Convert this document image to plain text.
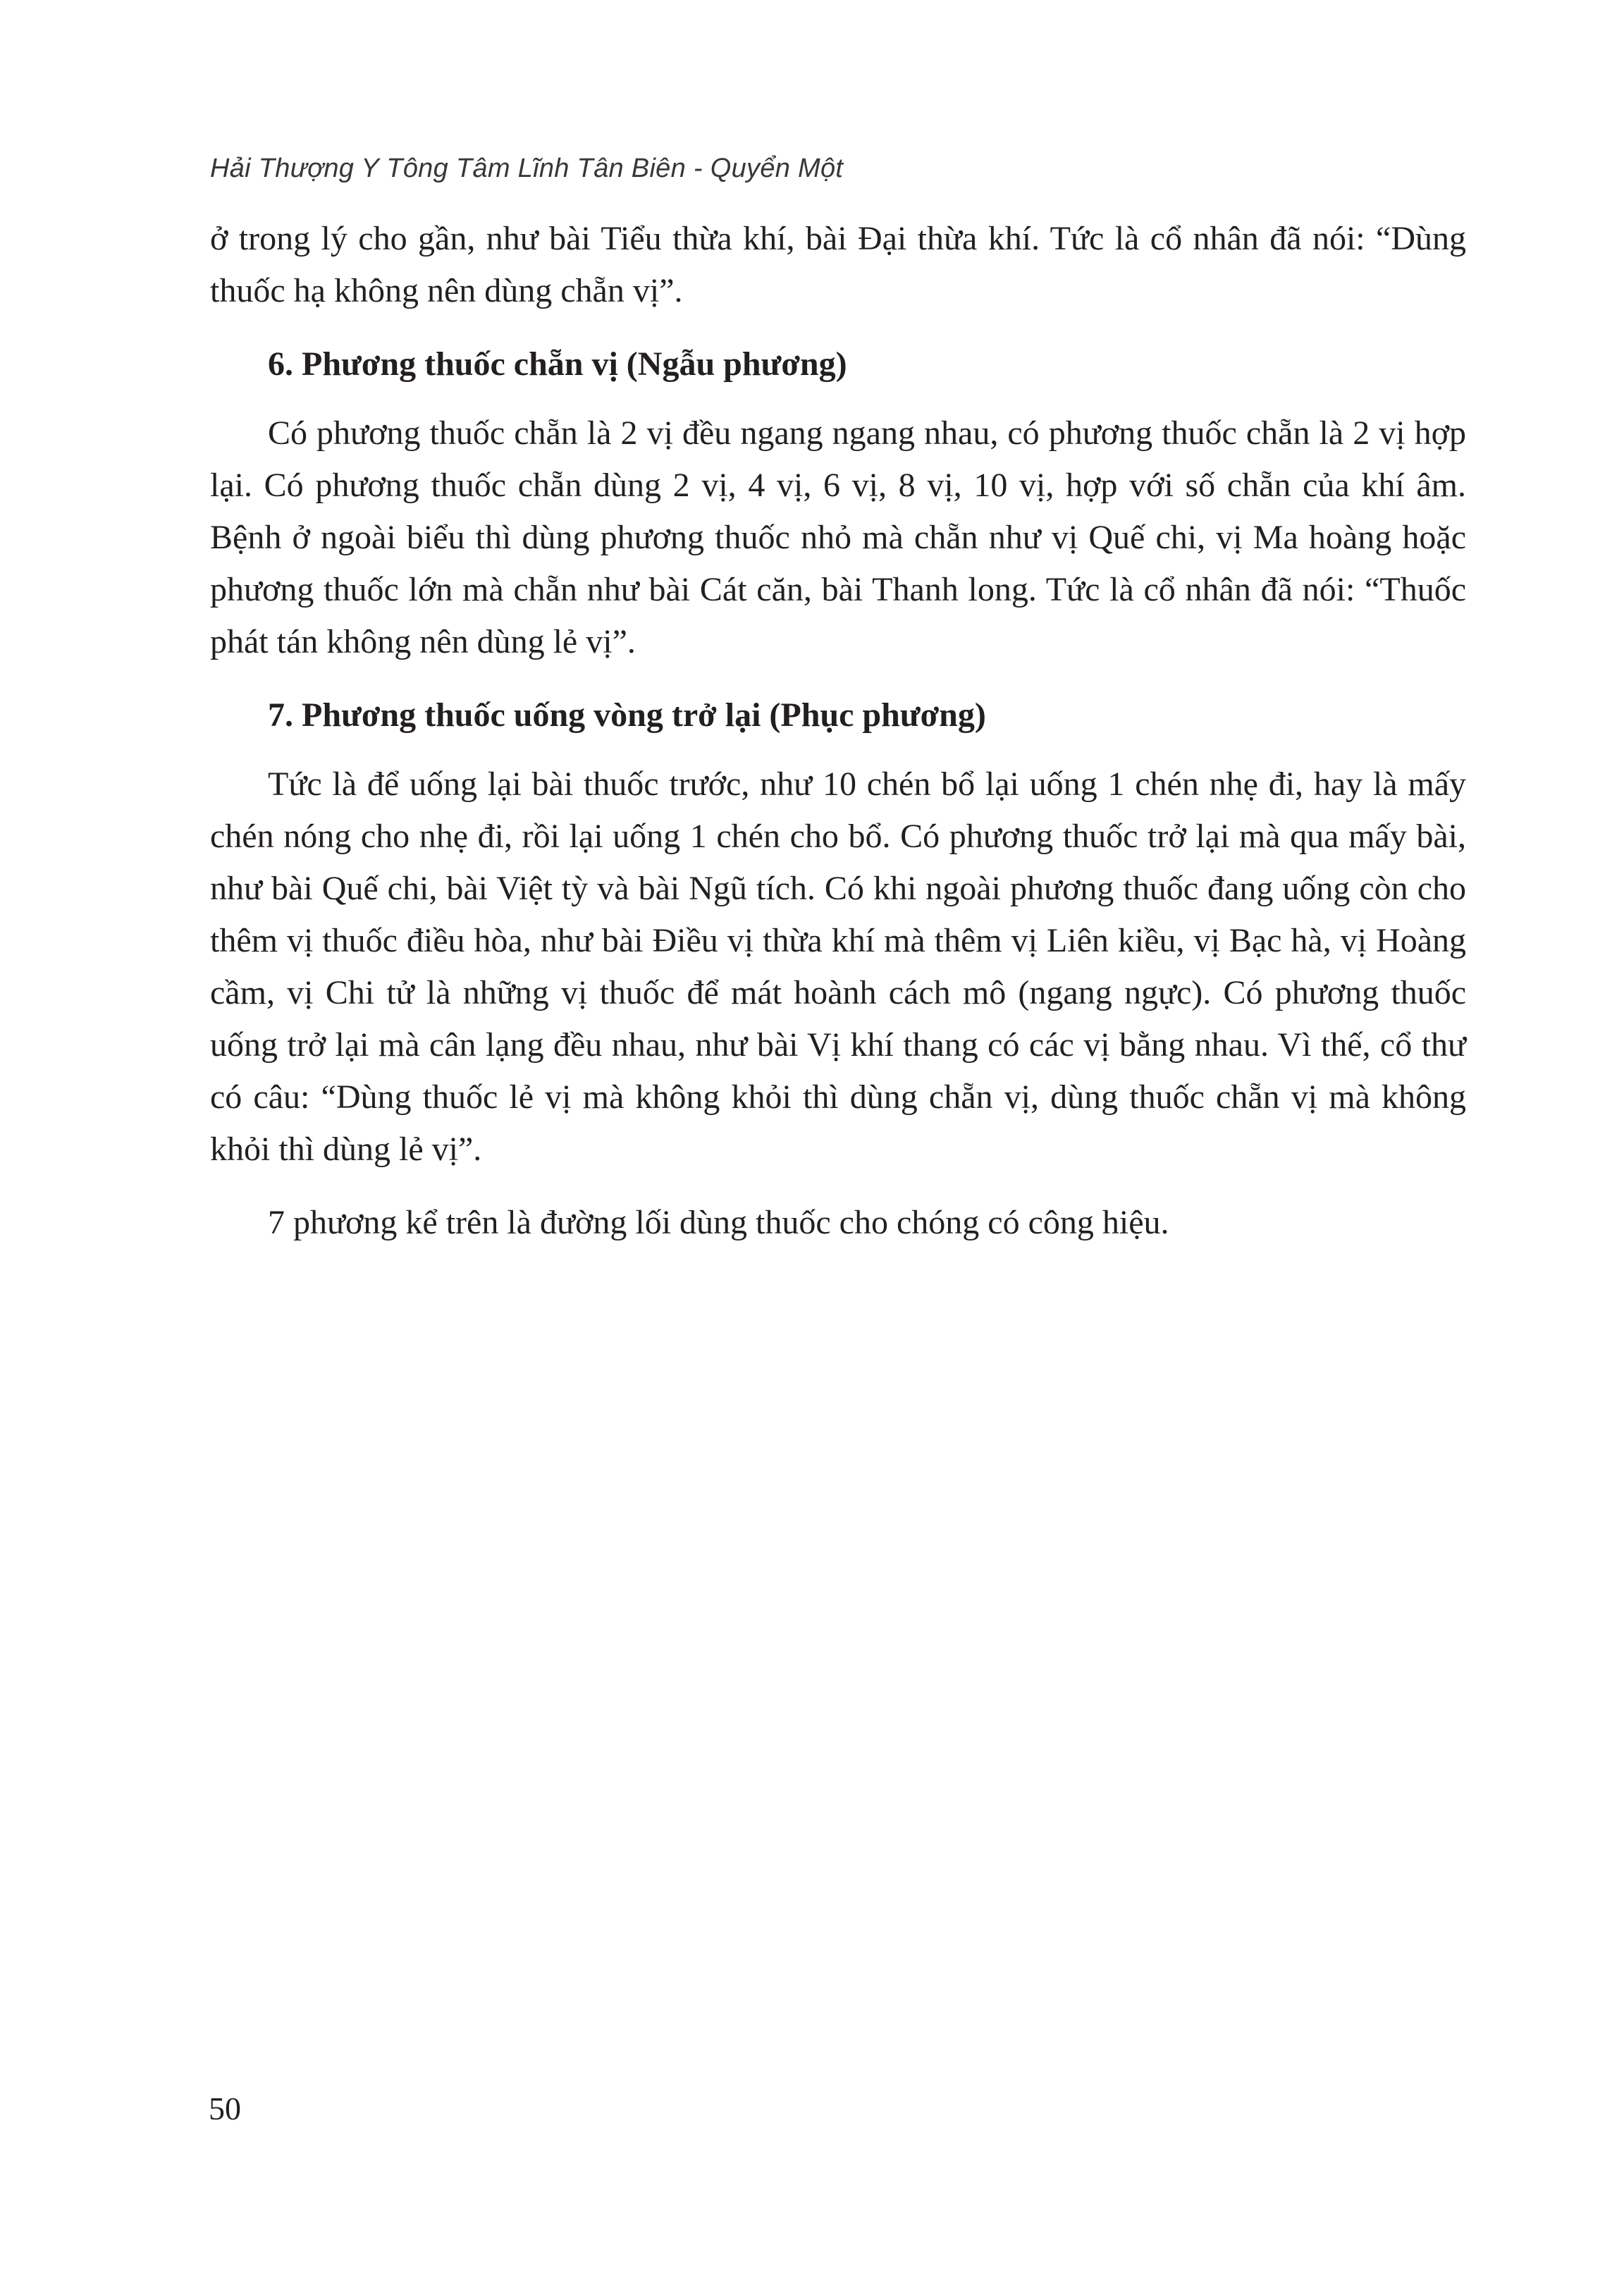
Hải Thượng Y Tông Tâm Lĩnh Tân Biên - Quyển Một

ở trong lý cho gần, như bài Tiểu thừa khí, bài Đại thừa khí. Tức là cổ nhân đã nói: “Dùng thuốc hạ không nên dùng chẵn vị”.

6. Phương thuốc chẵn vị (Ngẫu phương)

Có phương thuốc chẵn là 2 vị đều ngang ngang nhau, có phương thuốc chẵn là 2 vị hợp lại. Có phương thuốc chẵn dùng 2 vị, 4 vị, 6 vị, 8 vị, 10 vị, hợp với số chẵn của khí âm. Bệnh ở ngoài biểu thì dùng phương thuốc nhỏ mà chẵn như vị Quế chi, vị Ma hoàng hoặc phương thuốc lớn mà chẵn như bài Cát căn, bài Thanh long. Tức là cổ nhân đã nói: “Thuốc phát tán không nên dùng lẻ vị”.

7. Phương thuốc uống vòng trở lại (Phục phương)

Tức là để uống lại bài thuốc trước, như 10 chén bổ lại uống 1 chén nhẹ đi, hay là mấy chén nóng cho nhẹ đi, rồi lại uống 1 chén cho bổ. Có phương thuốc trở lại mà qua mấy bài, như bài Quế chi, bài Việt tỳ và bài Ngũ tích. Có khi ngoài phương thuốc đang uống còn cho thêm vị thuốc điều hòa, như bài Điều vị thừa khí mà thêm vị Liên kiều, vị Bạc hà, vị Hoàng cầm, vị Chi tử là những vị thuốc để mát hoành cách mô (ngang ngực). Có phương thuốc uống trở lại mà cân lạng đều nhau, như bài Vị khí thang có các vị bằng nhau. Vì thế, cổ thư có câu: “Dùng thuốc lẻ vị mà không khỏi thì dùng chẵn vị, dùng thuốc chẵn vị mà không khỏi thì dùng lẻ vị”.

7 phương kể trên là đường lối dùng thuốc cho chóng có công hiệu.

50
